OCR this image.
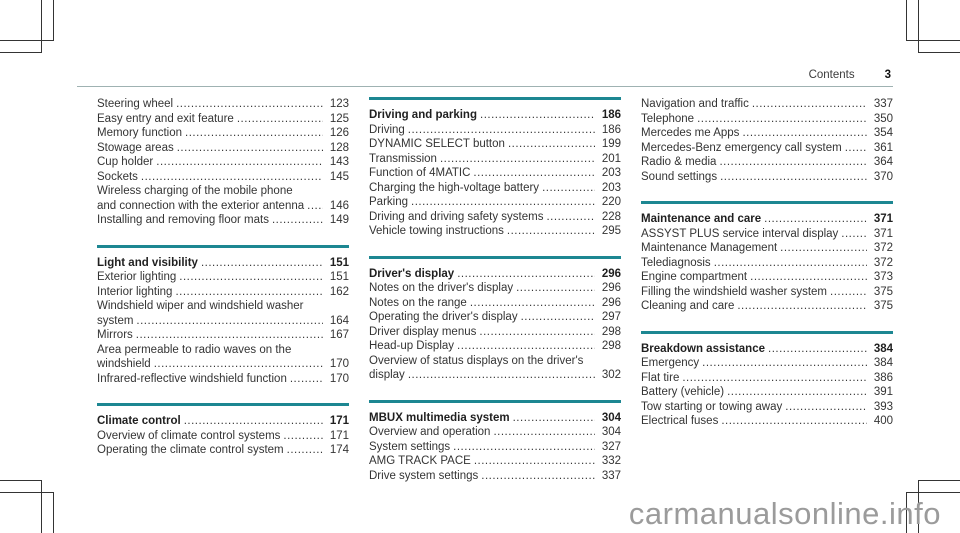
Contents	3
Steering wheel .....	123
Easy entry and exit feature .....	125
Memory function .....	126
Stowage areas .....	128
Cup holder .....	143
Sockets .....	145
Wireless charging of the mobile phone
and connection with the exterior antenna ..... 146
Installing and removing floor mats .....	149
Light and visibility .....	151
Exterior lighting .....	151
Interior lighting .....	162
Windshield wiper and windshield washer
system .....	164
Mirrors .....	167
Area permeable to radio waves on the
windshield .....	170
Infrared-reflective windshield function .....	170
Climate control .....	171
Overview of climate control systems .....	171
Operating the climate control system .....	174
Driving and parking .....	186
Driving .....	186
DYNAMIC SELECT button .....	199
Transmission .....	201
Function of 4MATIC .....	203
Charging the high-voltage battery .....	203
Parking .....	220
Driving and driving safety systems .....	228
Vehicle towing instructions .....	295
Driver's display .....	296
Notes on the driver's display .....	296
Notes on the range .....	296
Operating the driver's display .....	297
Driver display menus .....	298
Head-up Display .....	298
Overview of status displays on the driver's
display .....	302
MBUX multimedia system .....	304
Overview and operation .....	304
System settings .....	327
AMG TRACK PACE .....	332
Drive system settings .....	337
Navigation and traffic .....	337
Telephone .....	350
Mercedes me Apps .....	354
Mercedes-Benz emergency call system .....	361
Radio & media .....	364
Sound settings .....	370
Maintenance and care .....	371
ASSYST PLUS service interval display .....	371
Maintenance Management .....	372
Telediagnosis .....	372
Engine compartment .....	373
Filling the windshield washer system .....	375
Cleaning and care .....	375
Breakdown assistance .....	384
Emergency .....	384
Flat tire .....	386
Battery (vehicle) .....	391
Tow starting or towing away .....	393
Electrical fuses .....	400
carmanualsonline.info
